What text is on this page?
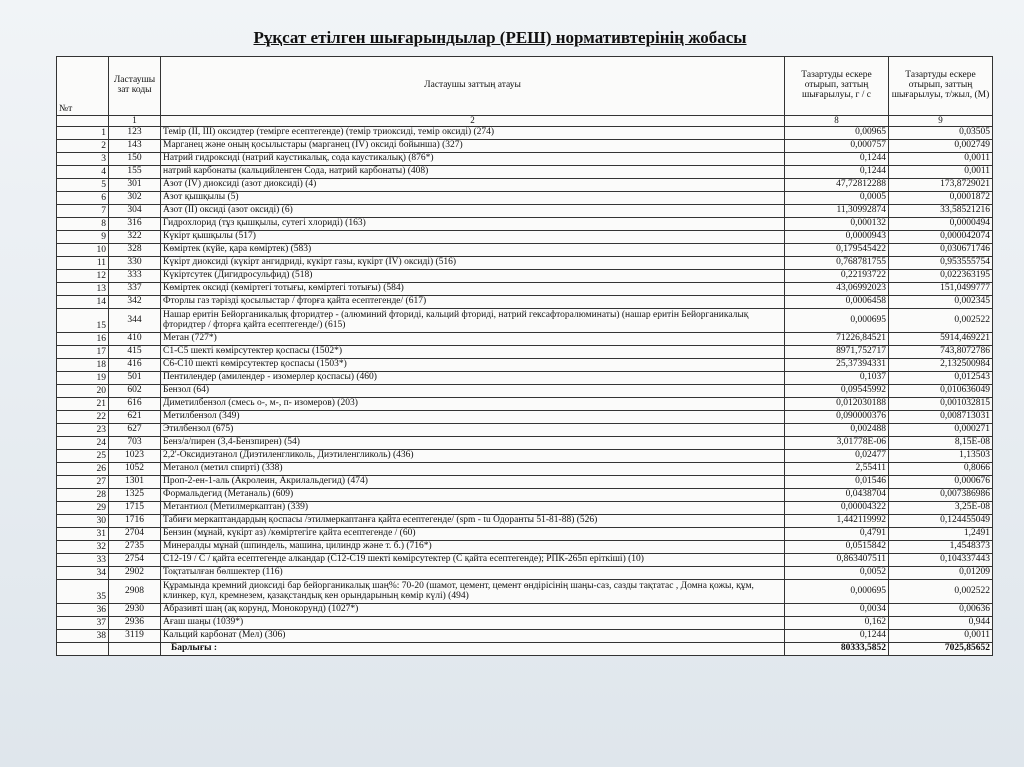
Рұқсат етілген шығарындылар (РЕШ) нормативтерінің жобасы
№т	Ластаушы зат коды	Ластаушы заттың атауы	Тазартуды ескере отырып, заттың шығарылуы, г / с	Тазартуды ескере отырып, заттың шығарылуы, т/жыл, (М)
	1	2	8	9
1	123	Темір (II, III) оксидтер (темірге есептегенде) (темір триоксиді, темір оксиді) (274)	0,00965	0,03505
2	143	Марганец және оның қосылыстары (марганец (IV) оксиді бойынша) (327)	0,000757	0,002749
3	150	Натрий гидроксиді (натрий каустикалық, сода каустикалық) (876*)	0,1244	0,0011
4	155	натрий карбонаты (кальцийленген Сода, натрий карбонаты) (408)	0,1244	0,0011
5	301	Азот (IV) диоксиді (азот диоксиді) (4)	47,72812288	173,8729021
6	302	Азот қышқылы (5)	0,0005	0,0001872
7	304	Азот (II) оксиді (азот оксиді) (6)	11,30992874	33,58521216
8	316	Гидрохлорид (тұз қышқылы, сутегі хлориді) (163)	0,000132	0,0000494
9	322	Күкірт қышқылы (517)	0,0000943	0,000042074
10	328	Көміртек (күйе, қара көміртек) (583)	0,179545422	0,030671746
11	330	Күкірт диоксиді (күкірт ангидриді, күкірт газы, күкірт (IV) оксиді) (516)	0,768781755	0,953555754
12	333	Күкіртсутек (Дигидросульфид) (518)	0,22193722	0,022363195
13	337	Көміртек оксиді (көміртегі тотығы, көміртегі тотығы) (584)	43,06992023	151,0499777
14	342	Фторлы газ тәрізді қосылыстар / фторға қайта есептегенде/ (617)	0,0006458	0,002345
15	344	Нашар еритін Бейорганикалық фторидтер - (алюминий фториді, кальций фториді, натрий гексафторалюминаты) (нашар еритін Бейорганикалық фторидтер / фторға қайта есептегенде/) (615)	0,000695	0,002522
16	410	Метан (727*)	71226,84521	5914,469221
17	415	С1-С5 шекті көмірсутектер қоспасы (1502*)	8971,752717	743,8072786
18	416	С6-С10 шекті көмірсутектер қоспасы (1503*)	25,37394331	2,132500984
19	501	Пентилендер (амилендер - изомерлер қоспасы) (460)	0,1037	0,012543
20	602	Бензол (64)	0,09545992	0,010636049
21	616	Диметилбензол (смесь о-, м-, п- изомеров) (203)	0,012030188	0,001032815
22	621	Метилбензол (349)	0,090000376	0,008713031
23	627	Этилбензол (675)	0,002488	0,000271
24	703	Бенз/а/пирен (3,4-Бензпирен) (54)	3,01778E-06	8,15E-08
25	1023	2,2'-Оксидиэтанол (Диэтиленгликоль, Диэтиленгликоль) (436)	0,02477	1,13503
26	1052	Метанол (метил спирті) (338)	2,55411	0,8066
27	1301	Проп-2-ен-1-аль (Акролеин, Акрилальдегид) (474)	0,01546	0,000676
28	1325	Формальдегид (Метаналь) (609)	0,0438704	0,007386986
29	1715	Метантиол (Метилмеркаптан) (339)	0,00004322	3,25E-08
30	1716	Табиғи меркаптандардың қоспасы /этилмеркаптанға қайта есептегенде/ (spm - tu Одоранты 51-81-88) (526)	1,442119992	0,124455049
31	2704	Бензин (мұнай, күкірт аз) /көміртегіге қайта есептегенде / (60)	0,4791	1,2491
32	2735	Минералды мұнай (шпиндель, машина, цилиндр және т. б.) (716*)	0,0515842	1,4548373
33	2754	С12-19 / С / қайта есептегенде алкандар (С12-С19 шекті көмірсутектер (С қайта есептегенде); РПК-265п еріткіші) (10)	0,863407511	0,104337443
34	2902	Тоқтатылған бөлшектер (116)	0,0052	0,01209
35	2908	Құрамында кремний диоксиді бар бейорганикалық шаң%: 70-20 (шамот, цемент, цемент өндірісінің шаңы-саз, сазды тақтатас , Домна қожы, құм, клинкер, күл, кремнезем, қазақстандық кен орындарының көмір күлі) (494)	0,000695	0,002522
36	2930	Абразивті шаң (ақ корунд, Монокорунд) (1027*)	0,0034	0,00636
37	2936	Ағаш шаңы (1039*)	0,162	0,944
38	3119	Кальций карбонат (Мел) (306)	0,1244	0,0011
		Барлығы :	80333,5852	7025,85652
